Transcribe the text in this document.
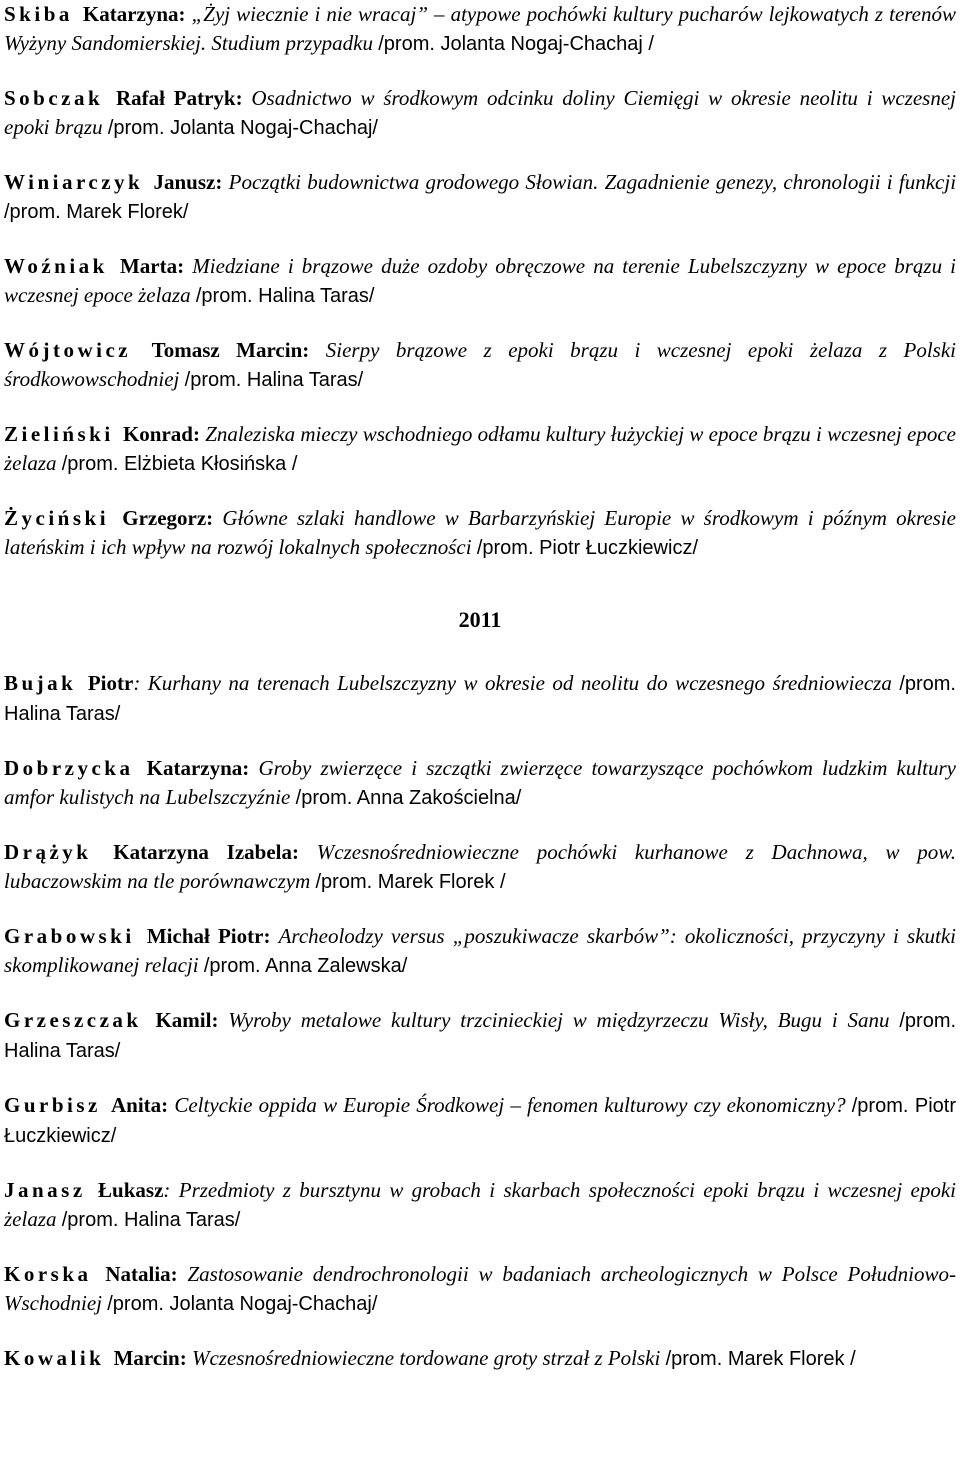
Skiba Katarzyna: „Żyj wiecznie i nie wracaj” – atypowe pochówki kultury pucharów lejkowatych z terenów Wyżyny Sandomierskiej. Studium przypadku /prom. Jolanta Nogaj-Chachaj /

Sobczak Rafał Patryk: Osadnictwo w środkowym odcinku doliny Ciemięgi w okresie neolitu i wczesnej epoki brązu /prom. Jolanta Nogaj-Chachaj/

Winiarczyk Janusz: Początki budownictwa grodowego Słowian. Zagadnienie genezy, chronologii i funkcji /prom. Marek Florek/

Woźniak Marta: Miedziane i brązowe duże ozdoby obręczowe na terenie Lubelszczyzny w epoce brązu i wczesnej epoce żelaza /prom. Halina Taras/

Wójtowicz Tomasz Marcin: Sierpy brązowe z epoki brązu i wczesnej epoki żelaza z Polski środkowowschodniej /prom. Halina Taras/

Zieliński Konrad: Znaleziska mieczy wschodniego odłamu kultury łużyckiej w epoce brązu i wczesnej epoce żelaza /prom. Elżbieta Kłosińska /

Życiński Grzegorz: Główne szlaki handlowe w Barbarzyńskiej Europie w środkowym i późnym okresie lateńskim i ich wpływ na rozwój lokalnych społeczności /prom. Piotr Łuczkiewicz/

2011

Bujak Piotr: Kurhany na terenach Lubelszczyzny w okresie od neolitu do wczesnego średniowiecza /prom. Halina Taras/

Dobrzycka Katarzyna: Groby zwierzęce i szczątki zwierzęce towarzyszące pochówkom ludzkim kultury amfor kulistych na Lubelszczyźnie /prom. Anna Zakościelna/

Drążyk Katarzyna Izabela: Wczesnośredniowieczne pochówki kurhanowe z Dachnowa, w pow. lubaczowskim na tle porównawczym /prom. Marek Florek /

Grabowski Michał Piotr: Archeolodzy versus „poszukiwacze skarbów”: okoliczności, przyczyny i skutki skomplikowanej relacji /prom. Anna Zalewska/

Grzeszczak Kamil: Wyroby metalowe kultury trzcinieckiej w międzyrzeczu Wisły, Bugu i Sanu /prom. Halina Taras/

Gurbisz Anita: Celtyckie oppida w Europie Środkowej – fenomen kulturowy czy ekonomiczny? /prom. Piotr Łuczkiewicz/

Janasz Łukasz: Przedmioty z bursztynu w grobach i skarbach społeczności epoki brązu i wczesnej epoki żelaza /prom. Halina Taras/

Korska Natalia: Zastosowanie dendrochronologii w badaniach archeologicznych w Polsce Południowo-Wschodniej /prom. Jolanta Nogaj-Chachaj/

Kowalik Marcin: Wczesnośredniowieczne tordowane groty strzał z Polski /prom. Marek Florek /
